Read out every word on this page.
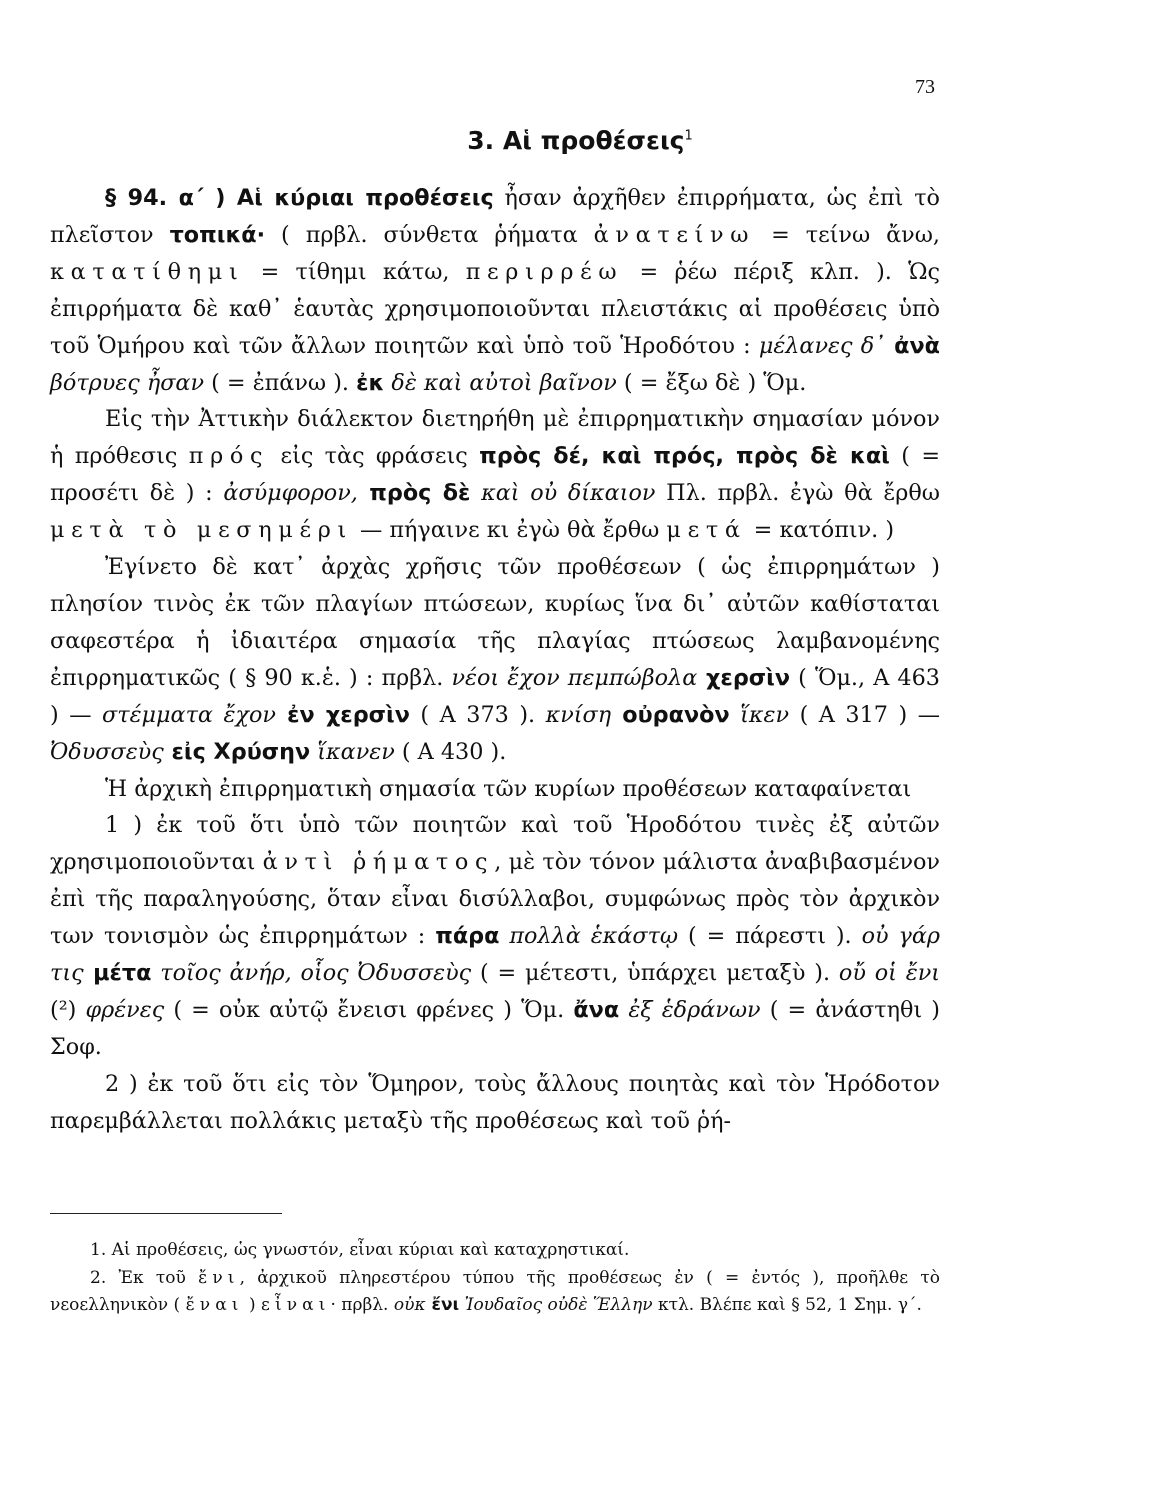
73
3. Αἱ προθέσεις$^1$

§ 94. α΄ ) Αἱ κύριαι προθέσεις ἦσαν ἀρχῆθεν ἐπιρρήματα, ὡς ἐπὶ τὸ πλεῖστον τοπικά· ( πρβλ. σύνθετα ῥήματα ἀνατείνω = τείνω ἄνω, κατατίθημι = τίθημι κάτω, περιρρέω = ῥέω πέριξ κλπ. ). Ὡς ἐπιρρήματα δὲ καθ᾽ ἑαυτὰς χρησιμοποιοῦνται πλειστάκις αἱ προθέσεις ὑπὸ τοῦ Ὁμήρου καὶ τῶν ἄλλων ποιητῶν καὶ ὑπὸ τοῦ Ἡροδότου : μέλανες δ᾽ ἀνὰ βότρυες ἦσαν ( = ἐπάνω ). ἐκ δὲ καὶ αὐτοὶ βαῖνον ( = ἔξω δὲ ) Ὅμ.

Εἰς τὴν Ἀττικὴν διάλεκτον διετηρήθη μὲ ἐπιρρηματικὴν σημασίαν μόνον ἡ πρόθεσις πρός εἰς τὰς φράσεις πρὸς δέ, καὶ πρός, πρὸς δὲ καὶ ( = προσέτι δὲ ) : ἀσύμφορον, πρὸς δὲ καὶ οὐ δίκαιον Πλ. πρβλ. ἐγὼ θὰ ἔρθω μετὰ τὸ μεσημέρι — πήγαινε κι ἐγὼ θὰ ἔρθω μετά = κατόπιν. )

Ἐγίνετο δὲ κατ᾽ ἀρχὰς χρῆσις τῶν προθέσεων ( ὡς ἐπιρρημάτων ) πλησίον τινὸς ἐκ τῶν πλαγίων πτώσεων, κυρίως ἵνα δι᾽ αὐτῶν καθίσταται σαφεστέρα ἡ ἰδιαιτέρα σημασία τῆς πλαγίας πτώσεως λαμβανομένης ἐπιρρηματικῶς ( § 90 κ.ἑ. ) : πρβλ. νέοι ἔχον πεμπώβολα χερσὶν ( Ὅμ., Α 463 ) — στέμματα ἔχον ἐν χερσὶν ( Α 373 ). κνίση οὐρανὸν ἵκεν ( Α 317 ) — Ὀδυσσεὺς εἰς Χρύσην ἵκανεν ( Α 430 ).

Ἡ ἀρχικὴ ἐπιρρηματικὴ σημασία τῶν κυρίων προθέσεων καταφαίνεται

1 ) ἐκ τοῦ ὅτι ὑπὸ τῶν ποιητῶν καὶ τοῦ Ἡροδότου τινὲς ἐξ αὐτῶν χρησιμοποιοῦνται ἀντὶ ῥήματος, μὲ τὸν τόνον μάλιστα ἀναβιβασμένον ἐπὶ τῆς παραληγούσης, ὅταν εἶναι δισύλλαβοι, συμφώνως πρὸς τὸν ἀρχικὸν των τονισμὸν ὡς ἐπιρρημάτων : πάρα πολλὰ ἑκάστῳ ( = πάρεστι ). οὐ γάρ τις μέτα τοῖος ἀνήρ, οἷος Ὀδυσσεὺς ( = μέτεστι, ὑπάρχει μεταξὺ ). οὔ οἱ ἔνι (²) φρένες ( = οὐκ αὐτῷ ἔνεισι φρένες ) Ὅμ. ἄνα ἐξ ἑδράνων ( = ἀνάστηθι ) Σοφ.

2 ) ἐκ τοῦ ὅτι εἰς τὸν Ὅμηρον, τοὺς ἄλλους ποιητὰς καὶ τὸν Ἡρόδοτον παρεμβάλλεται πολλάκις μεταξὺ τῆς προθέσεως καὶ τοῦ ῥή-

1. Αἱ προθέσεις, ὡς γνωστόν, εἶναι κύριαι καὶ καταχρηστικαί.

2. Ἐκ τοῦ ἔνι, ἀρχικοῦ πληρεστέρου τύπου τῆς προθέσεως ἐν ( = ἐντός ), προῆλθε τὸ νεοελληνικὸν ( ἔναι ) εἶναι· πρβλ. οὐκ ἔνι Ἰουδαῖος οὐδὲ Ἕλλην κτλ. Βλέπε καὶ § 52, 1 Σημ. γ΄.
